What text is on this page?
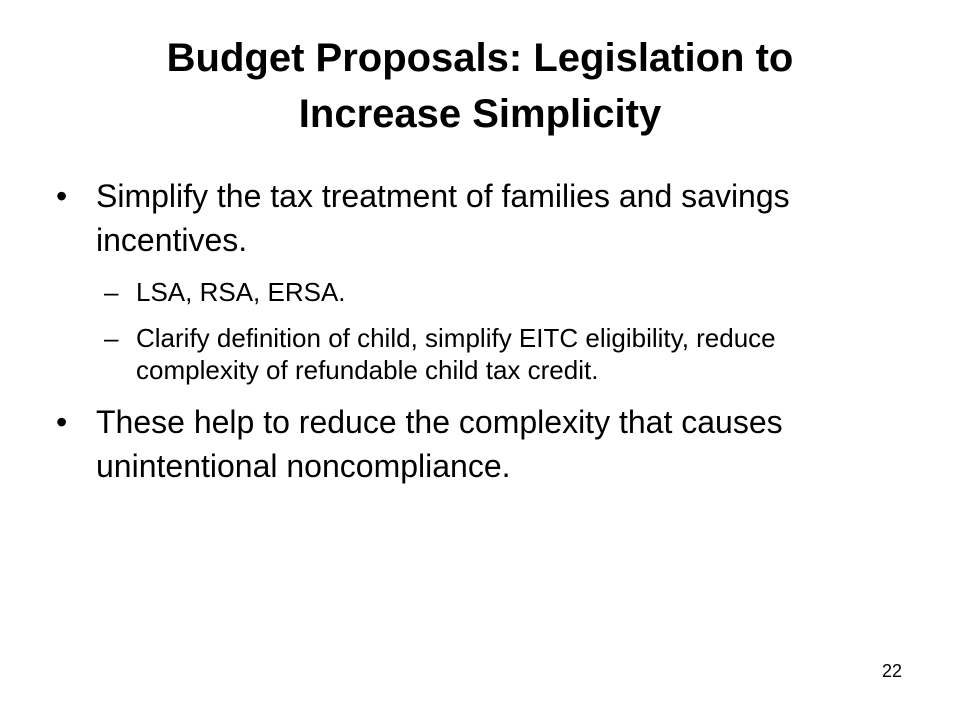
Budget Proposals: Legislation to
Increase Simplicity
• Simplify the tax treatment of families and savings incentives.
– LSA, RSA, ERSA.
– Clarify definition of child, simplify EITC eligibility, reduce complexity of refundable child tax credit.
• These help to reduce the complexity that causes unintentional noncompliance.
22
